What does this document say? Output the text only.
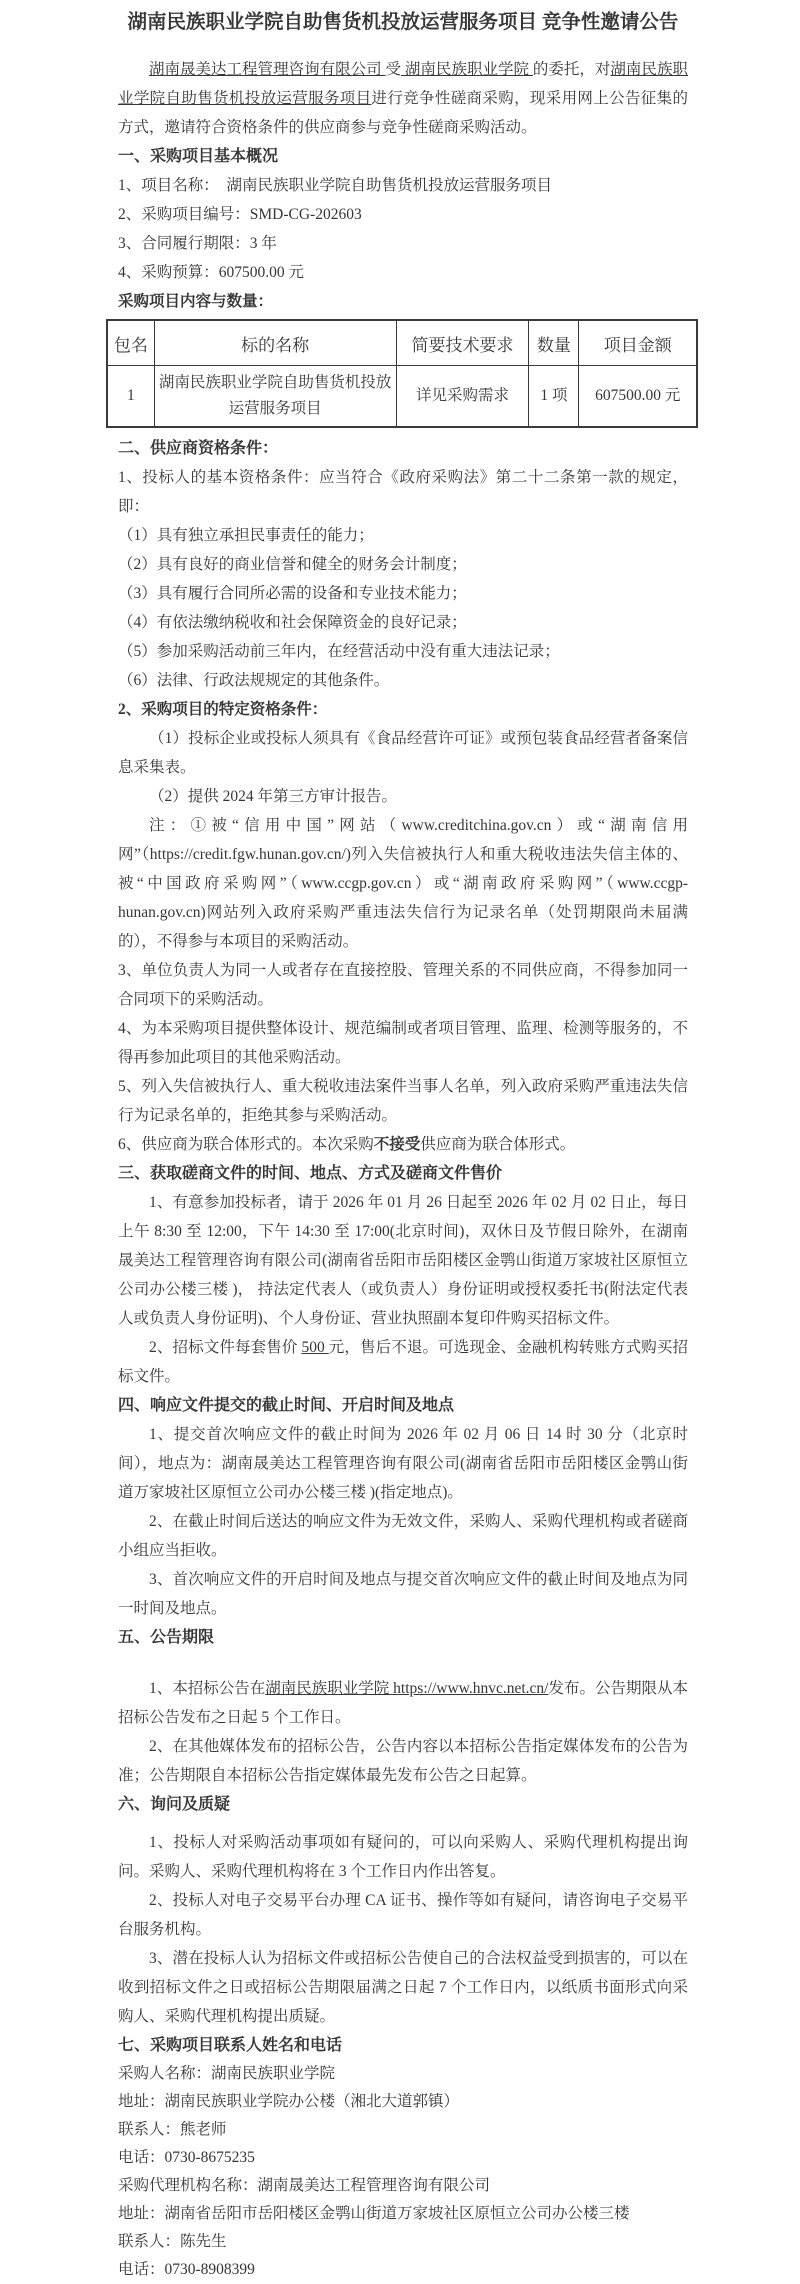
湖南民族职业学院自助售货机投放运营服务项目 竞争性邀请公告

湖南晟美达工程管理咨询有限公司 受 湖南民族职业学院 的委托，对湖南民族职业学院自助售货机投放运营服务项目进行竞争性磋商采购，现采用网上公告征集的方式，邀请符合资格条件的供应商参与竞争性磋商采购活动。

一、采购项目基本概况

1、项目名称：  湖南民族职业学院自助售货机投放运营服务项目

2、采购项目编号：SMD-CG-202603

3、合同履行期限：3 年

4、采购预算：607500.00 元

采购项目内容与数量：

包名	标的名称	简要技术要求	数量	项目金额
1	湖南民族职业学院自助售货机投放运营服务项目	详见采购需求	1 项	607500.00 元
二、供应商资格条件：

1、投标人的基本资格条件：应当符合《政府采购法》第二十二条第一款的规定，即：

（1）具有独立承担民事责任的能力；

（2）具有良好的商业信誉和健全的财务会计制度；

（3）具有履行合同所必需的设备和专业技术能力；

（4）有依法缴纳税收和社会保障资金的良好记录；

（5）参加采购活动前三年内，在经营活动中没有重大违法记录；

（6）法律、行政法规规定的其他条件。

2、采购项目的特定资格条件：

（1）投标企业或投标人须具有《食品经营许可证》或预包装食品经营者备案信息采集表。

（2）提供 2024 年第三方审计报告。

注：①被“信用中国”网站（www.creditchina.gov.cn）或“湖南信用网”（https://credit.fgw.hunan.gov.cn/)列入失信被执行人和重大税收违法失信主体的、被“中国政府采购网”（www.ccgp.gov.cn）或“湖南政府采购网”（www.ccgp-hunan.gov.cn)网站列入政府采购严重违法失信行为记录名单（处罚期限尚未届满的），不得参与本项目的采购活动。

3、单位负责人为同一人或者存在直接控股、管理关系的不同供应商，不得参加同一合同项下的采购活动。

4、为本采购项目提供整体设计、规范编制或者项目管理、监理、检测等服务的，不得再参加此项目的其他采购活动。

5、列入失信被执行人、重大税收违法案件当事人名单，列入政府采购严重违法失信行为记录名单的，拒绝其参与采购活动。

6、供应商为联合体形式的。本次采购不接受供应商为联合体形式。

三、获取磋商文件的时间、地点、方式及磋商文件售价

1、有意参加投标者，请于 2026 年 01 月 26 日起至 2026 年 02 月 02 日止，每日上午 8:30 至 12:00，下午 14:30 至 17:00(北京时间)，双休日及节假日除外，在湖南晟美达工程管理咨询有限公司(湖南省岳阳市岳阳楼区金鹗山街道万家坡社区原恒立公司办公楼三楼 )， 持法定代表人（或负责人）身份证明或授权委托书(附法定代表人或负责人身份证明)、个人身份证、营业执照副本复印件购买招标文件。

2、招标文件每套售价 500 元，售后不退。可选现金、金融机构转账方式购买招标文件。

四、响应文件提交的截止时间、开启时间及地点

1、提交首次响应文件的截止时间为 2026 年 02 月 06 日 14 时 30 分（北京时间），地点为：湖南晟美达工程管理咨询有限公司(湖南省岳阳市岳阳楼区金鹗山街道万家坡社区原恒立公司办公楼三楼 )(指定地点)。

2、在截止时间后送达的响应文件为无效文件，采购人、采购代理机构或者磋商小组应当拒收。

3、首次响应文件的开启时间及地点与提交首次响应文件的截止时间及地点为同一时间及地点。

五、公告期限

1、本招标公告在湖南民族职业学院 https://www.hnvc.net.cn/发布。公告期限从本招标公告发布之日起 5 个工作日。

2、在其他媒体发布的招标公告，公告内容以本招标公告指定媒体发布的公告为准；公告期限自本招标公告指定媒体最先发布公告之日起算。

六、询问及质疑

1、投标人对采购活动事项如有疑问的，可以向采购人、采购代理机构提出询问。采购人、采购代理机构将在 3 个工作日内作出答复。

2、投标人对电子交易平台办理 CA 证书、操作等如有疑问，请咨询电子交易平台服务机构。

3、潜在投标人认为招标文件或招标公告使自己的合法权益受到损害的，可以在收到招标文件之日或招标公告期限届满之日起 7 个工作日内，以纸质书面形式向采购人、采购代理机构提出质疑。

七、采购项目联系人姓名和电话

采购人名称：湖南民族职业学院

地址：湖南民族职业学院办公楼（湘北大道郭镇）

联系人：熊老师

电话：0730-8675235

采购代理机构名称：湖南晟美达工程管理咨询有限公司

地址：湖南省岳阳市岳阳楼区金鹗山街道万家坡社区原恒立公司办公楼三楼

联系人：陈先生

电话：0730-8908399
